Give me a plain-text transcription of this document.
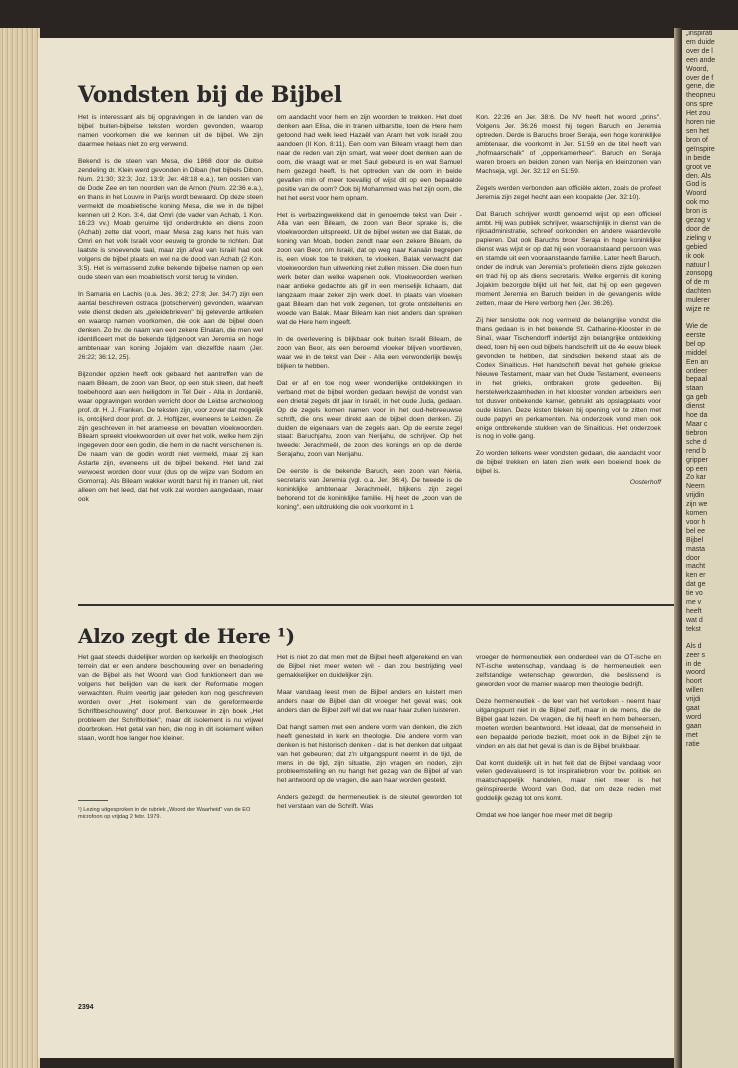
„inspirati
em duide
over de l
een ande
Woord,
over de f
gene, die
theopneu
ons spre
Het zou
horen nie
sen het
bron of
geïnspire
in beide
groot ve
den. Als
God is
Woord
ook mo
bron is
gezag v
door de
zieling v
gebied
ik ook
natuur l
zonsopg
of de m
dachten
mulerer
wijze re
Wie de
eerste
bel op
middel
Een an
ontleer
bepaal
staan
ga geb
dienst
hoe da
Maar c
tiebron
sche d
rend b
gripper
op een
Zo kar
Neem
vrijdin
zijn we
komen
voor h
bel ee
Bijbel
masta
door
macht
ken er
dat ge
tie vo
me v
heeft
wat d
tekst
Als d
zeer s
in de
woord
hoort
willen
vrijdi
gaat
word
gaan
met
ratie
Vondsten bij de Bijbel

Het is interessant als bij opgravingen in de landen van de bijbel buiten-bijbelse teksten worden gevonden, waarop namen voorkomen die we kennen uit de bijbel. We zijn daarmee helaas niet zo erg verwend.

Bekend is de steen van Mesa, die 1868 door de duitse zendeling dr. Klein werd gevonden in Diban (het bijbels Dibon, Num. 21:30; 32:3; Joz. 13:9; Jer. 48:18 e.a.), ten oosten van de Dode Zee en ten noorden van de Arnon (Num. 22:36 e.a.), en thans in het Louvre in Parijs wordt bewaard. Op deze steen vermeldt de moabietische koning Mesa, die we in de bijbel kennen uit 2 Kon. 3:4, dat Omri (de vader van Achab, 1 Kon. 16:23 vv.) Moab geruime tijd onderdrukte en diens zoon (Achab) zette dat voort, maar Mesa zag kans het huis van Omri en het volk Israël voor eeuwig te gronde te richten. Dat laatste is snoevende taal, maar zijn afval van Israël had ook volgens de bijbel plaats en wel na de dood van Achab (2 Kon. 3:5). Het is verrassend zulke bekende bijbelse namen op een oude steen van een moabietisch vorst terug te vinden.

In Samaria en Lachis (o.a. Jes. 36:2; 27:8; Jer. 34:7) zijn een aantal beschreven ostraca (potscherven) gevonden, waarvan vele dienst deden als „geleidebrieven" bij geleverde artikelen en waarop namen voorkomen, die ook aan de bijbel doen denken. Zo bv. de naam van een zekere Elnatan, die men wel identificeert met de bekende tijdgenoot van Jeremia en hoge ambtenaar van koning Jojakim van diezelfde naam (Jer. 26:22; 36:12, 25).

Bijzonder opzien heeft ook gebaard het aantreffen van de naam Bileam, de zoon van Beor, op een stuk steen, dat heeft toebehoord aan een heiligdom in Tel Deir - Alla in Jordanië, waar opgravingen worden verricht door de Leidse archeoloog prof. dr. H. J. Franken. De teksten zijn, voor zover dat mogelijk is, ontcijferd door prof. dr. J. Hoftijzer, eveneens te Leiden. Ze zijn geschreven in het arameese en bevatten vloekwoorden. Bileam spreekt vloekwoorden uit over het volk, welke hem zijn ingegeven door een godin, die hem in de nacht verschenen is. De naam van de godin wordt niet vermeld, maar zij kan Astarte zijn, eveneens uit de bijbel bekend. Het land zal verwoest worden door vuur (dus op de wijze van Sodom en Gomorra). Als Bileam wakker wordt barst hij in tranen uit, niet alleen om het leed, dat het volk zal worden aangedaan, maar ook

om aandacht voor hem en zijn woorden te trekken. Het doet denken aan Elisa, die in tranen uitbarstte, toen de Here hem getoond had welk leed Hazaël van Aram het volk Israël zou aandoen (II Kon. 8:11). Een oom van Bileam vraagt hem dan naar de reden van zijn smart, wat weer doet denken aan de oom, die vraagt wat er met Saul gebeurd is en wat Samuel hem gezegd heeft. Is het optreden van de oom in beide gevallen min of meer toevallig of wijst dit op een bepaalde positie van de oom? Ook bij Mohammed was het zijn oom, die het het eerst voor hem opnam.

Het is verbazingwekkend dat in genoemde tekst van Deir - Alla van een Bileam, de zoon van Beor sprake is, die vloekwoorden uitspreekt. Uit de bijbel weten we dat Balak, de koning van Moab, boden zendt naar een zekere Bileam, de zoon van Beor, om Israël, dat op weg naar Kanaän begrepen is, een vloek toe te trekken, te vloeken. Balak verwacht dat vloekwoorden hun uitwerking niet zullen missen. Die doen hun werk beter dan welke wapenen ook. Vloekwoorden werken naar antieke gedachte als gif in een menselijk lichaam, dat langzaam maar zeker zijn werk doet. In plaats van vloeken gaat Bileam dan het volk zegenen, tot grote ontsteltenis en woede van Balak. Maar Bileam kan niet anders dan spreken wat de Here hem ingeeft.

In de overlevering is blijkbaar ook buiten Israël Bileam, de zoon van Beor, als een beroemd vloeker blijven voortleven, waar we in de tekst van Deir - Alla een verwonderlijk bewijs blijken te hebben.

Dat er af en toe nog weer wonderlijke ontdekkingen in verband met de bijbel worden gedaan bewijst de vondst van een drietal zegels dit jaar in Israël, in het oude Juda, gedaan. Op de zegels komen namen voor in het oud-hebreeuwse schrift, die ons weer direkt aan de bijbel doen denken. Zij duiden de eigenaars van de zegels aan. Op de eerste zegel staat: Baruchjahu, zoon van Nerijahu, de schrijver. Op het tweede: Jerachmeël, de zoon des konings en op de derde Serajahu, zoon van Nerijahu.

De eerste is de bekende Baruch, een zoon van Neria, secretaris van Jeremia (vgl. o.a. Jer. 36:4). De tweede is de koninklijke ambtenaar Jerachmeël, blijkens zijn zegel behorend tot de koninklijke familie. Hij heet de „zoon van de koning", een uitdrukking die ook voorkomt in 1

Kon. 22:26 en Jer. 38:6. De NV heeft het woord „prins". Volgens Jer. 36:26 moest hij tegen Baruch en Jeremia optreden. Derde is Baruchs broer Seraja, een hoge koninklijke ambtenaar, die voorkomt in Jer. 51:59 en de titel heeft van „hofmaarschalk" of „opperkamerheer". Baruch en Seraja waren broers en beiden zonen van Nerija en kleinzonen van Machseja, vgl. Jer. 32:12 en 51:59.

Zegels werden verbonden aan officiële akten, zoals de profeet Jeremia zijn zegel hecht aan een koopakte (Jer. 32:10).

Dat Baruch schrijver wordt genoemd wijst op een officieel ambt. Hij was publiek schrijver, waarschijnlijk in dienst van de rijksadministratie, schreef oorkonden en andere waardevolle papieren. Dat ook Baruchs broer Seraja in hoge koninklijke dienst was wijst er op dat hij een vooraanstaand persoon was en stamde uit een vooraanstaande familie. Later heeft Baruch, onder de indruk van Jeremia's profetieën diens zijde gekozen en trad hij op als diens secretaris. Welke ergernis dit koning Jojakim bezorgde blijkt uit het feit, dat hij op een gegeven moment Jeremia en Baruch beiden in de gevangenis wilde zetten, maar de Here verborg hen (Jer. 36:26).

Zij hier tenslotte ook nog vermeld de belangrijke vondst die thans gedaan is in het bekende St. Catharine-Klooster in de Sinaï, waar Tischendorff indertijd zijn belangrijke ontdekking deed, toen hij een oud bijbels handschrift uit de 4e eeuw bleek gevonden te hebben, dat sindsdien bekend staat als de Codex Sinaiticus. Het handschrift bevat het gehele griekse Nieuwe Testament, maar van het Oude Testament, eveneens in het grieks, ontbraken grote gedeelten. Bij herstelwerkzaamheden in het klooster vonden arbeiders een tot dusver onbekende kamer, gebruikt als opslagplaats voor oude kisten. Deze kisten bleken bij opening vol te zitten met oude papyri en perkamenten. Na onderzoek vond men ook enige ontbrekende stukken van de Sinaiticus. Het onderzoek is nog in volle gang.

Zo worden telkens weer vondsten gedaan, die aandacht voor de bijbel trekken en laten zien welk een boeiend boek de bijbel is.

Oosterhoff

Alzo zegt de Here ¹)

Het gaat steeds duidelijker worden op kerkelijk en theologisch terrein dat er een andere beschouwing over en benadering van de Bijbel als het Woord van God funktioneert dan we volgens het belijden van de kerk der Reformatie mogen verwachten. Ruim veertig jaar geleden kon nog geschreven worden over „Het isolement van de gereformeerde Schriftbeschouwing" door prof. Berkouwer in zijn boek „Het probleem der Schriftkritiek", maar dit isolement is nu vrijwel doorbroken. Het getal van hen, die nog in dit isolement willen staan, wordt hoe langer hoe kleiner.

¹) Lezing uitgesproken in de rubriek „Woord der Waarheid" van de EO microfoon op vrijdag 2 febr. 1979.

Het is niet zo dat men met de Bijbel heeft afgerekend en van de Bijbel niet meer weten wil - dan zou bestrijding veel gemakkelijker en duidelijker zijn.

Maar vandaag leest men de Bijbel anders en luistert men anders naar de Bijbel dan dit vroeger het geval was; ook anders dan de Bijbel zelf wil dat we naar haar zullen luisteren.

Dat hangt samen met een andere vorm van denken, die zich heeft genesteld in kerk en theologie. Die andere vorm van denken is het historisch denken - dat is het denken dat uitgaat van het gebeuren; dat z'n uitgangspunt neemt in de tijd, de mens in de tijd, zijn situatie, zijn vragen en noden, zijn probleemstelling en nu hangt het gezag van de Bijbel af van het antwoord op de vragen, die aan haar worden gesteld.

Anders gezegd: de hermeneutiek is de sleutel geworden tot het verstaan van de Schrift. Was

vroeger de hermeneutiek een onderdeel van de OT-ische en NT-ische wetenschap, vandaag is de hermeneutiek een zelfstandige wetenschap geworden, die beslissend is geworden voor de manier waarop men theologie bedrijft.

Deze hermeneutiek - de leer van het vertolken - neemt haar uitgangspunt niet in de Bijbel zelf, maar in de mens, die de Bijbel gaat lezen. De vragen, die hij heeft en hem beheersen, moeten worden beantwoord. Het ideaal, dat de menseheid in een bepaalde periode bezielt, moet ook in de Bijbel zijn te vinden en als dat het geval is dan is de Bijbel bruikbaar.

Dat komt duidelijk uit in het feit dat de Bijbel vandaag voor velen gedevalueerd is tot inspiratiebron voor bv. politiek en maatschappelijk handelen, maar niet meer is het geïnspireerde Woord van God, dat om deze reden met goddelijk gezag tot ons komt.

Omdat we hoe langer hoe meer met dit begrip

2394
